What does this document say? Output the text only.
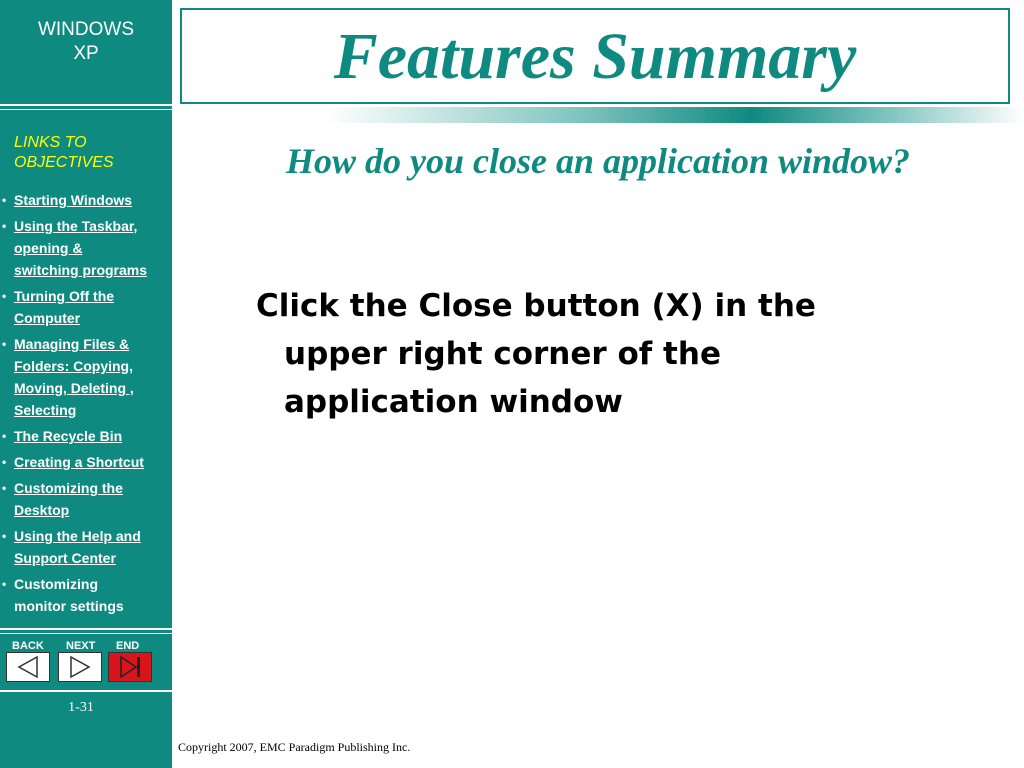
WINDOWS
XP
LINKS TO
OBJECTIVES
• Starting Windows
• Using the Taskbar,
opening &
switching programs
• Turning Off the
Computer
• Managing Files &
Folders: Copying,
Moving, Deleting ,
Selecting
• The Recycle Bin
• Creating a Shortcut
• Customizing the
Desktop
• Using the Help and
Support Center
• Customizing
monitor settings
BACK NEXT END
1-31
Features Summary
How do you close an application window?
Click the Close button (X) in the
upper right corner of the
application window
Copyright 2007, EMC Paradigm Publishing Inc.
